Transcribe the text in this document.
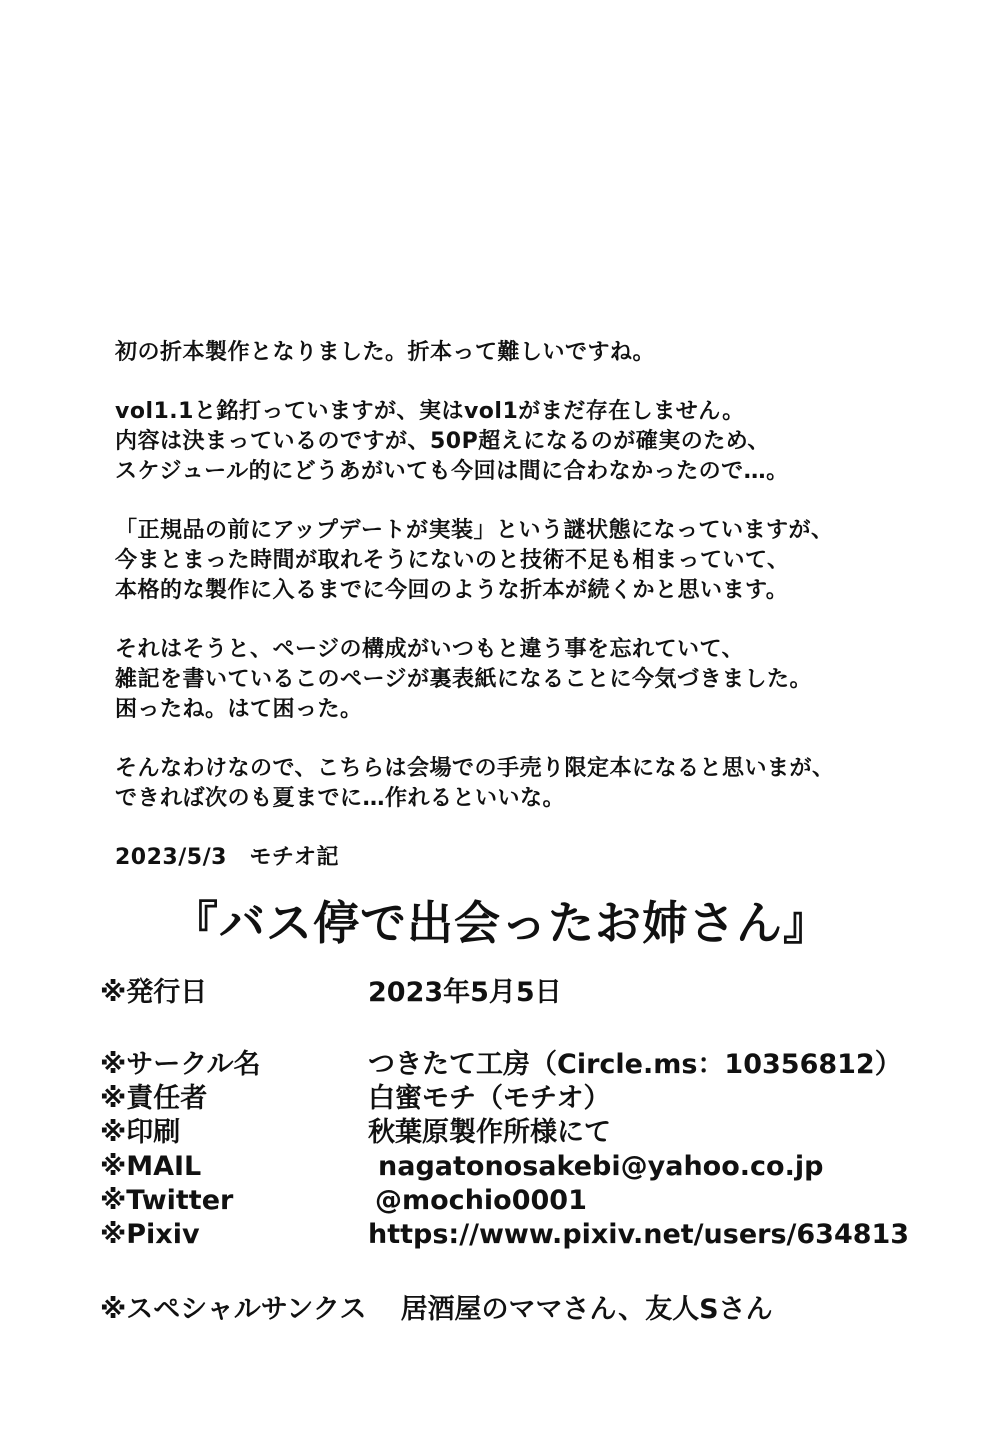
初の折本製作となりました。折本って難しいですね。

vol1.1と銘打っていますが、実はvol1がまだ存在しません。
内容は決まっているのですが、50P超えになるのが確実のため、
スケジュール的にどうあがいても今回は間に合わなかったので…。

「正規品の前にアップデートが実装」という謎状態になっていますが、
今まとまった時間が取れそうにないのと技術不足も相まっていて、
本格的な製作に入るまでに今回のような折本が続くかと思います。

それはそうと、ページの構成がいつもと違う事を忘れていて、
雑記を書いているこのページが裏表紙になることに今気づきました。
困ったね。はて困った。

そんなわけなので、こちらは会場での手売り限定本になると思いまが、
できれば次のも夏までに…作れるといいな。

2023/5/3　モチオ記

『バス停で出会ったお姉さん』
※発行日	2023年5月5日
※サークル名	つきたて工房（Circle.ms：10356812）
※責任者	白蜜モチ（モチオ）
※印刷	秋葉原製作所様にて
※MAIL	nagatonosakebi@yahoo.co.jp
※Twitter	@mochio0001
※Pixiv	https://www.pixiv.net/users/634813
※スペシャルサンクス 居酒屋のママさん、友人Sさん
